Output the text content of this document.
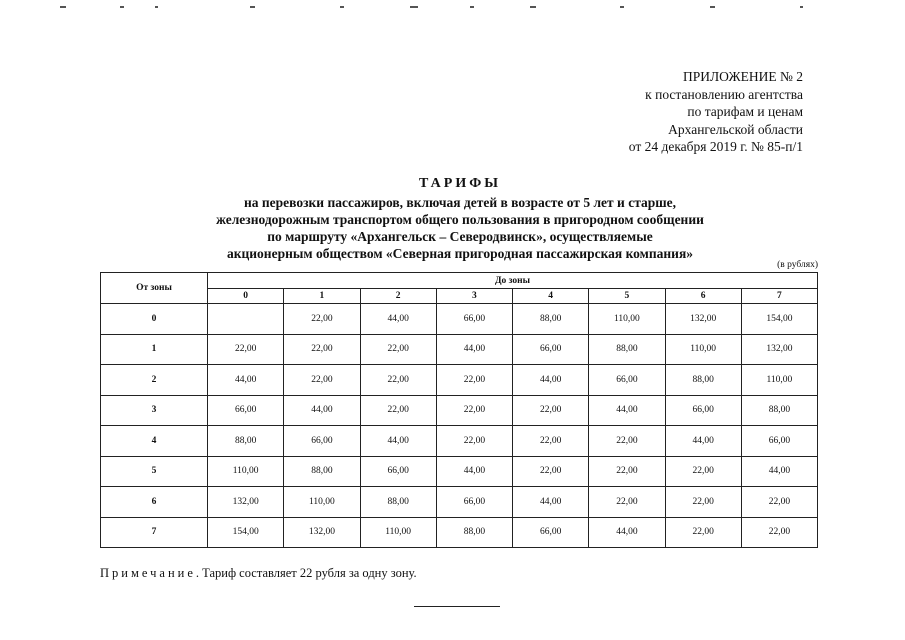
ПРИЛОЖЕНИЕ № 2
к постановлению агентства
по тарифам и ценам
Архангельской области
от 24 декабря 2019 г. № 85-п/1
ТАРИФЫ
на перевозки пассажиров, включая детей в возрасте от 5 лет и старше,
железнодорожным транспортом общего пользования в пригородном сообщении
по маршруту «Архангельск – Северодвинск», осуществляемые
акционерным обществом «Северная пригородная пассажирская компания»
(в рублях)
От зоны	До зоны							
	0	1	2	3	4	5	6	7
0		22,00	44,00	66,00	88,00	110,00	132,00	154,00
1	22,00	22,00	22,00	44,00	66,00	88,00	110,00	132,00
2	44,00	22,00	22,00	22,00	44,00	66,00	88,00	110,00
3	66,00	44,00	22,00	22,00	22,00	44,00	66,00	88,00
4	88,00	66,00	44,00	22,00	22,00	22,00	44,00	66,00
5	110,00	88,00	66,00	44,00	22,00	22,00	22,00	44,00
6	132,00	110,00	88,00	66,00	44,00	22,00	22,00	22,00
7	154,00	132,00	110,00	88,00	66,00	44,00	22,00	22,00
Примечание. Тариф составляет 22 рубля за одну зону.
